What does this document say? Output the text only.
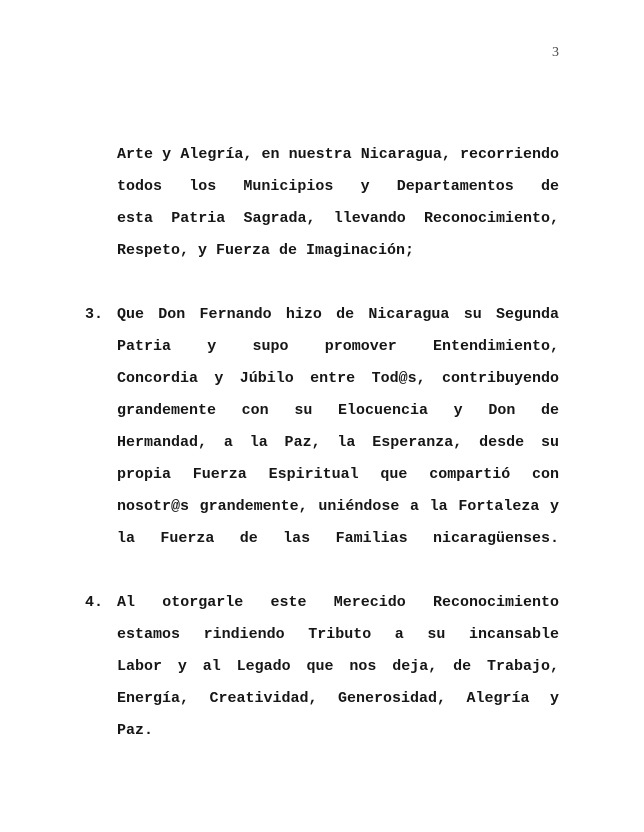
3
Arte y Alegría, en nuestra Nicaragua, recorriendo
todos los Municipios y Departamentos de
esta Patria Sagrada, llevando Reconocimiento,
Respeto, y Fuerza de Imaginación;
3. Que Don Fernando hizo de Nicaragua su Segunda
Patria y supo promover Entendimiento,
Concordia y Júbilo entre Tod@s, contribuyendo
grandemente con su Elocuencia y Don de
Hermandad, a la Paz, la Esperanza, desde su
propia Fuerza Espiritual que compartió con
nosotr@s grandemente, uniéndose a la Fortaleza y
la Fuerza de las Familias nicaragüenses.
4. Al otorgarle este Merecido Reconocimiento
estamos rindiendo Tributo a su incansable
Labor y al Legado que nos deja, de Trabajo,
Energía, Creatividad, Generosidad, Alegría y
Paz.
